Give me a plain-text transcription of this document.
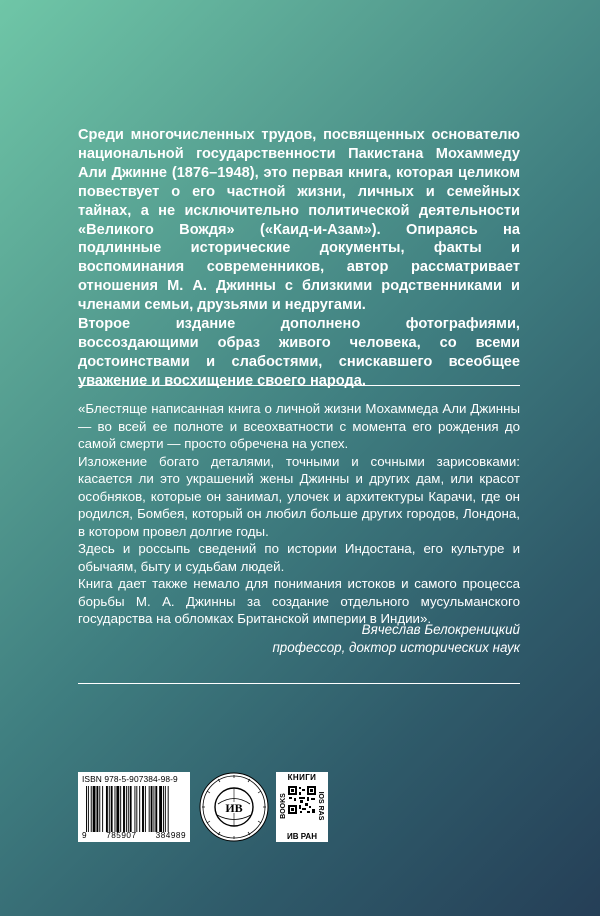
Среди многочисленных трудов, посвященных основателю национальной государственности Пакистана Мохаммеду Али Джинне (1876–1948), это первая книга, которая целиком повествует о его частной жизни, личных и семейных тайнах, а не исключительно политической деятельности «Великого Вождя» («Каид-и-Азам»). Опираясь на подлинные исторические документы, факты и воспоминания современников, автор рассматривает отношения М. А. Джинны с близкими родственниками и членами семьи, друзьями и недругами.

Второе издание дополнено фотографиями, воссоздающими образ живого человека, со всеми достоинствами и слабостями, снискавшего всеобщее уважение и восхищение своего народа.

«Блестяще написанная книга о личной жизни Мохаммеда Али Джинны — во всей ее полноте и всеохватности с момента его рождения до самой смерти — просто обречена на успех.

Изложение богато деталями, точными и сочными зарисовками: касается ли это украшений жены Джинны и других дам, или красот особняков, которые он занимал, улочек и архитектуры Карачи, где он родился, Бомбея, который он любил больше других городов, Лондона, в котором провел долгие годы.

Здесь и россыпь сведений по истории Индостана, его культуре и обычаям, быту и судьбам людей.

Книга дает также немало для понимания истоков и самого процесса борьбы М. А. Джинны за создание отдельного мусульманского государства на обломках Британской империи в Индии».

Вячеслав Белокреницкий
профессор, доктор исторических наук
ISBN 978-5-907384-98-9
9 785907 384989
ИВ
КНИГИ
BOOKS	IOS RAS
ИВ РАН
